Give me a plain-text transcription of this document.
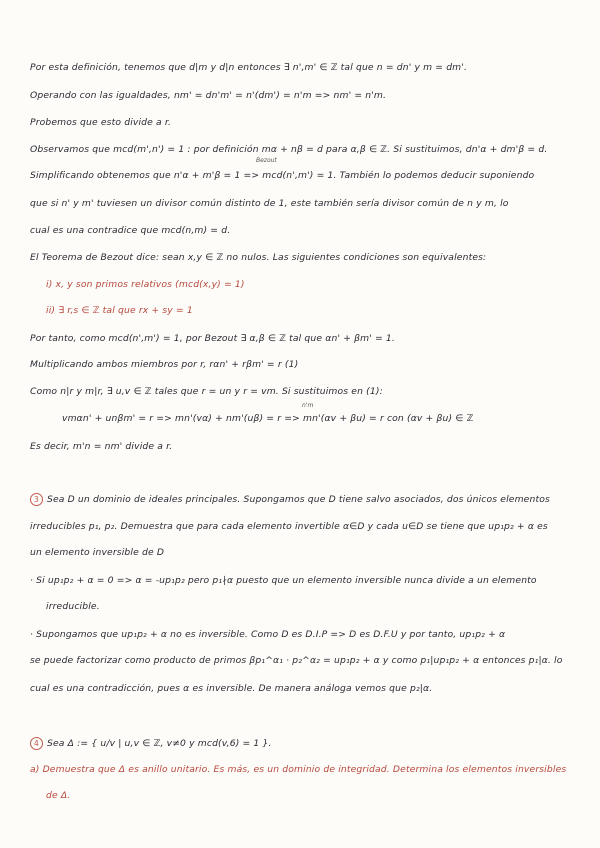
Por esta definición, tenemos que d|m y d|n entonces ∃ n',m' ∈ ℤ tal que n = dn' y m = dm'.
Operando con las igualdades, nm' = dn'm' = n'(dm') = n'm => nm' = n'm.
Probemos que esto divide a r.
Observamos que mcd(m',n') = 1 : por definición mα + nβ = d para α,β ∈ ℤ. Si sustituimos, dn'α + dm'β = d.
Bezout
Simplificando obtenemos que n'α + m'β = 1 => mcd(n',m') = 1. También lo podemos deducir suponiendo
que si n' y m' tuviesen un divisor común distinto de 1, este también sería divisor común de n y m, lo
cual es una contradice que mcd(n,m) = d.
El Teorema de Bezout dice: sean x,y ∈ ℤ no nulos. Las siguientes condiciones son equivalentes:
i) x, y son primos relativos (mcd(x,y) = 1)
ii) ∃ r,s ∈ ℤ tal que rx + sy = 1
Por tanto, como mcd(n',m') = 1, por Bezout ∃ α,β ∈ ℤ tal que αn' + βm' = 1.
Multiplicando ambos miembros por r, rαn' + rβm' = r (1)
Como n|r y m|r, ∃ u,v ∈ ℤ tales que r = un y r = vm. Si sustituimos en (1):
n'm
vmαn' + unβm' = r => mn'(vα) + nm'(uβ) = r => mn'(αv + βu) = r con (αv + βu) ∈ ℤ
Es decir, m'n = nm' divide a r.
3 Sea D un dominio de ideales principales. Supongamos que D tiene salvo asociados, dos únicos elementos
irreducibles p₁, p₂. Demuestra que para cada elemento invertible α∈D y cada u∈D se tiene que up₁p₂ + α es
un elemento inversible de D
· Si up₁p₂ + α = 0 => α = -up₁p₂ pero p₁∤α puesto que un elemento inversible nunca divide a un elemento
irreducible.
· Supongamos que up₁p₂ + α no es inversible. Como D es D.I.P => D es D.F.U y por tanto, up₁p₂ + α
se puede factorizar como producto de primos βp₁^α₁ · p₂^α₂ = up₁p₂ + α y como p₁|up₁p₂ + α entonces p₁|α. lo
cual es una contradicción, pues α es inversible. De manera análoga vemos que p₂|α.
4 Sea Δ := { u/v | u,v ∈ ℤ, v≠0 y mcd(v,6) = 1 }.
a) Demuestra que Δ es anillo unitario. Es más, es un dominio de integridad. Determina los elementos inversibles
de Δ.
